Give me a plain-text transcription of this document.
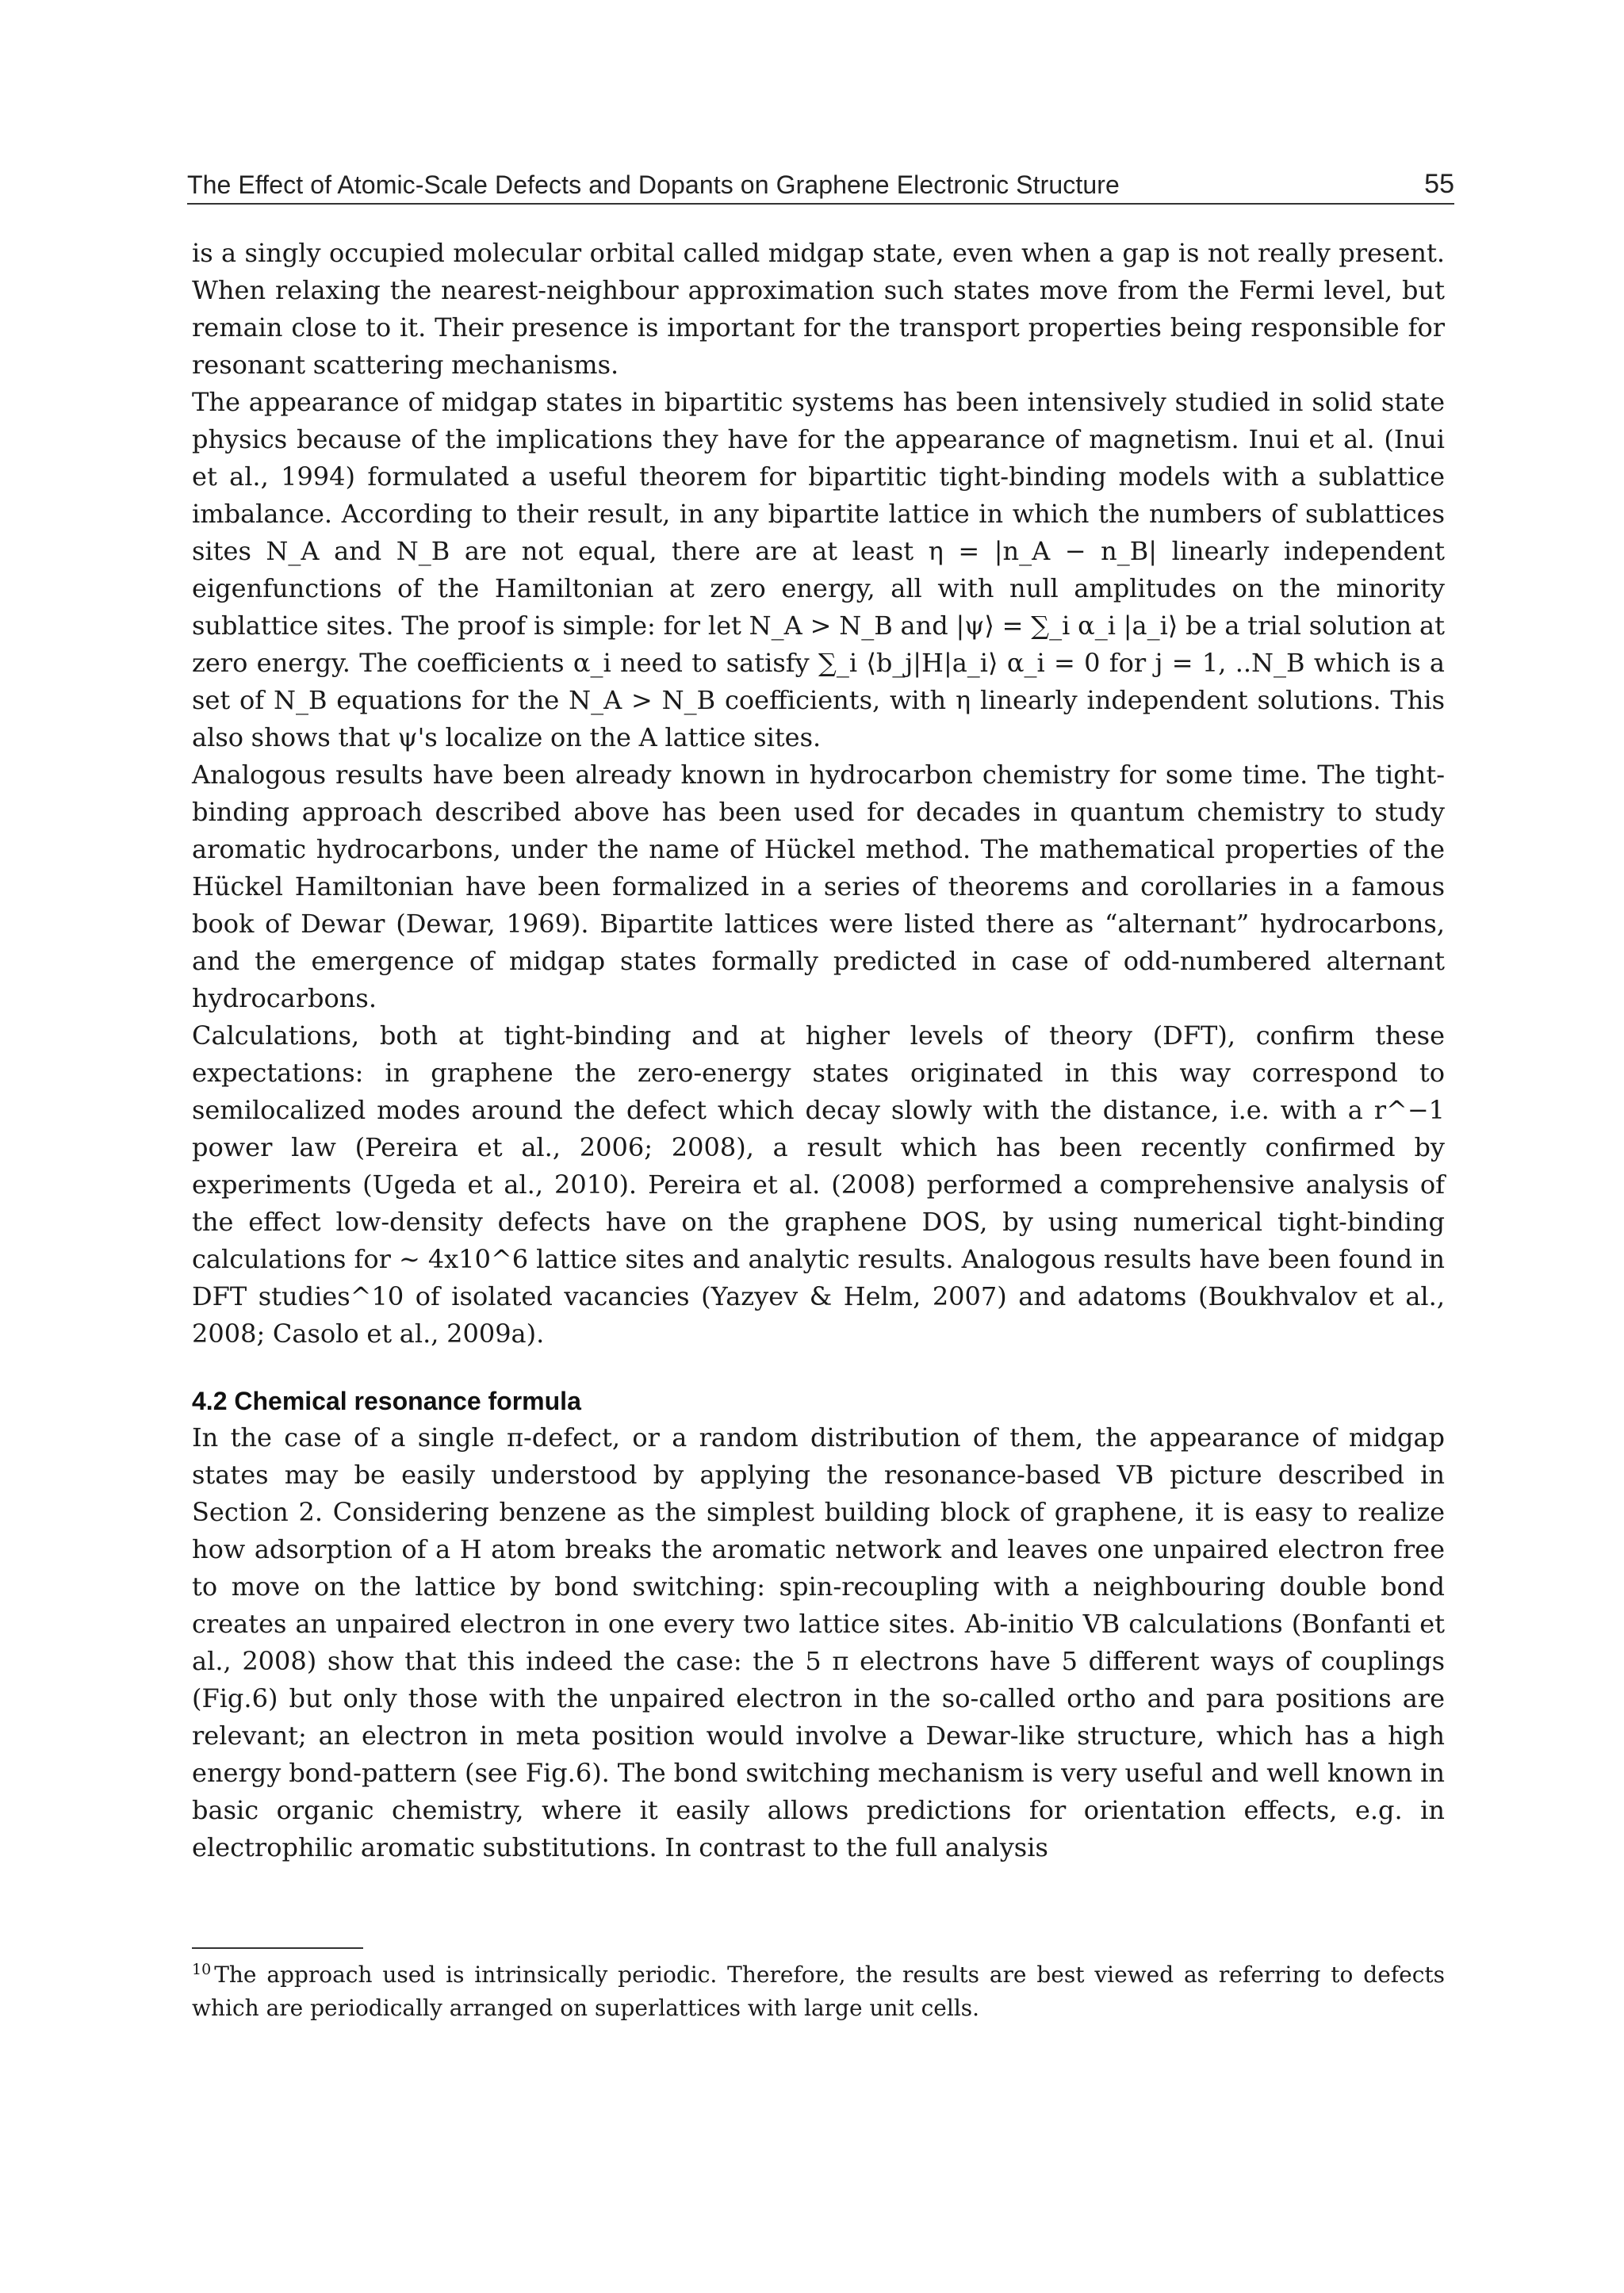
The Effect of Atomic-Scale Defects and Dopants on Graphene Electronic Structure	55

is a singly occupied molecular orbital called midgap state, even when a gap is not really present. When relaxing the nearest-neighbour approximation such states move from the Fermi level, but remain close to it. Their presence is important for the transport properties being responsible for resonant scattering mechanisms.

The appearance of midgap states in bipartitic systems has been intensively studied in solid state physics because of the implications they have for the appearance of magnetism. Inui et al. (Inui et al., 1994) formulated a useful theorem for bipartitic tight-binding models with a sublattice imbalance. According to their result, in any bipartite lattice in which the numbers of sublattices sites N_A and N_B are not equal, there are at least η = |n_A − n_B| linearly independent eigenfunctions of the Hamiltonian at zero energy, all with null amplitudes on the minority sublattice sites. The proof is simple: for let N_A > N_B and |ψ⟩ = ∑_i α_i |a_i⟩ be a trial solution at zero energy. The coefficients α_i need to satisfy ∑_i ⟨b_j|H|a_i⟩ α_i = 0 for j = 1, ..N_B which is a set of N_B equations for the N_A > N_B coefficients, with η linearly independent solutions. This also shows that ψ's localize on the A lattice sites.

Analogous results have been already known in hydrocarbon chemistry for some time. The tight-binding approach described above has been used for decades in quantum chemistry to study aromatic hydrocarbons, under the name of Hückel method. The mathematical properties of the Hückel Hamiltonian have been formalized in a series of theorems and corollaries in a famous book of Dewar (Dewar, 1969). Bipartite lattices were listed there as “alternant” hydrocarbons, and the emergence of midgap states formally predicted in case of odd-numbered alternant hydrocarbons.

Calculations, both at tight-binding and at higher levels of theory (DFT), confirm these expectations: in graphene the zero-energy states originated in this way correspond to semilocalized modes around the defect which decay slowly with the distance, i.e. with a r^−1 power law (Pereira et al., 2006; 2008), a result which has been recently confirmed by experiments (Ugeda et al., 2010). Pereira et al. (2008) performed a comprehensive analysis of the effect low-density defects have on the graphene DOS, by using numerical tight-binding calculations for ∼ 4x10^6 lattice sites and analytic results. Analogous results have been found in DFT studies^10 of isolated vacancies (Yazyev & Helm, 2007) and adatoms (Boukhvalov et al., 2008; Casolo et al., 2009a).

4.2 Chemical resonance formula

In the case of a single π-defect, or a random distribution of them, the appearance of midgap states may be easily understood by applying the resonance-based VB picture described in Section 2. Considering benzene as the simplest building block of graphene, it is easy to realize how adsorption of a H atom breaks the aromatic network and leaves one unpaired electron free to move on the lattice by bond switching: spin-recoupling with a neighbouring double bond creates an unpaired electron in one every two lattice sites. Ab-initio VB calculations (Bonfanti et al., 2008) show that this indeed the case: the 5 π electrons have 5 different ways of couplings (Fig.6) but only those with the unpaired electron in the so-called ortho and para positions are relevant; an electron in meta position would involve a Dewar-like structure, which has a high energy bond-pattern (see Fig.6). The bond switching mechanism is very useful and well known in basic organic chemistry, where it easily allows predictions for orientation effects, e.g. in electrophilic aromatic substitutions. In contrast to the full analysis

$^{10}$ The approach used is intrinsically periodic. Therefore, the results are best viewed as referring to defects which are periodically arranged on superlattices with large unit cells.
